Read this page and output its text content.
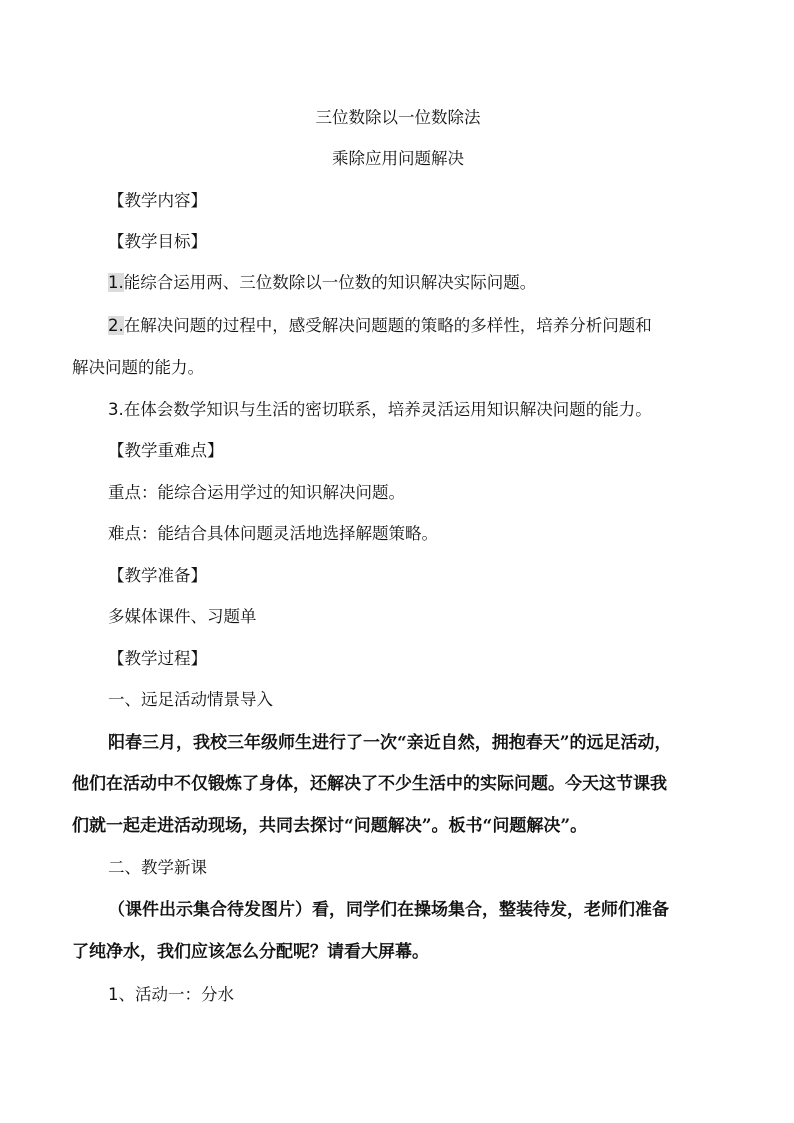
三位数除以一位数除法
乘除应用问题解决
【教学内容】
【教学目标】
1.能综合运用两、三位数除以一位数的知识解决实际问题。
2.在解决问题的过程中，感受解决问题题的策略的多样性，培养分析问题和
解决问题的能力。
3.在体会数学知识与生活的密切联系，培养灵活运用知识解决问题的能力。
【教学重难点】
重点：能综合运用学过的知识解决问题。
难点：能结合具体问题灵活地选择解题策略。
【教学准备】
多媒体课件、习题单
【教学过程】
一、远足活动情景导入
阳春三月，我校三年级师生进行了一次“亲近自然，拥抱春天”的远足活动，
他们在活动中不仅锻炼了身体，还解决了不少生活中的实际问题。今天这节课我
们就一起走进活动现场，共同去探讨“问题解决”。板书“问题解决”。
二、教学新课
（课件出示集合待发图片）看，同学们在操场集合，整装待发，老师们准备
了纯净水，我们应该怎么分配呢？请看大屏幕。
1、活动一：分水
